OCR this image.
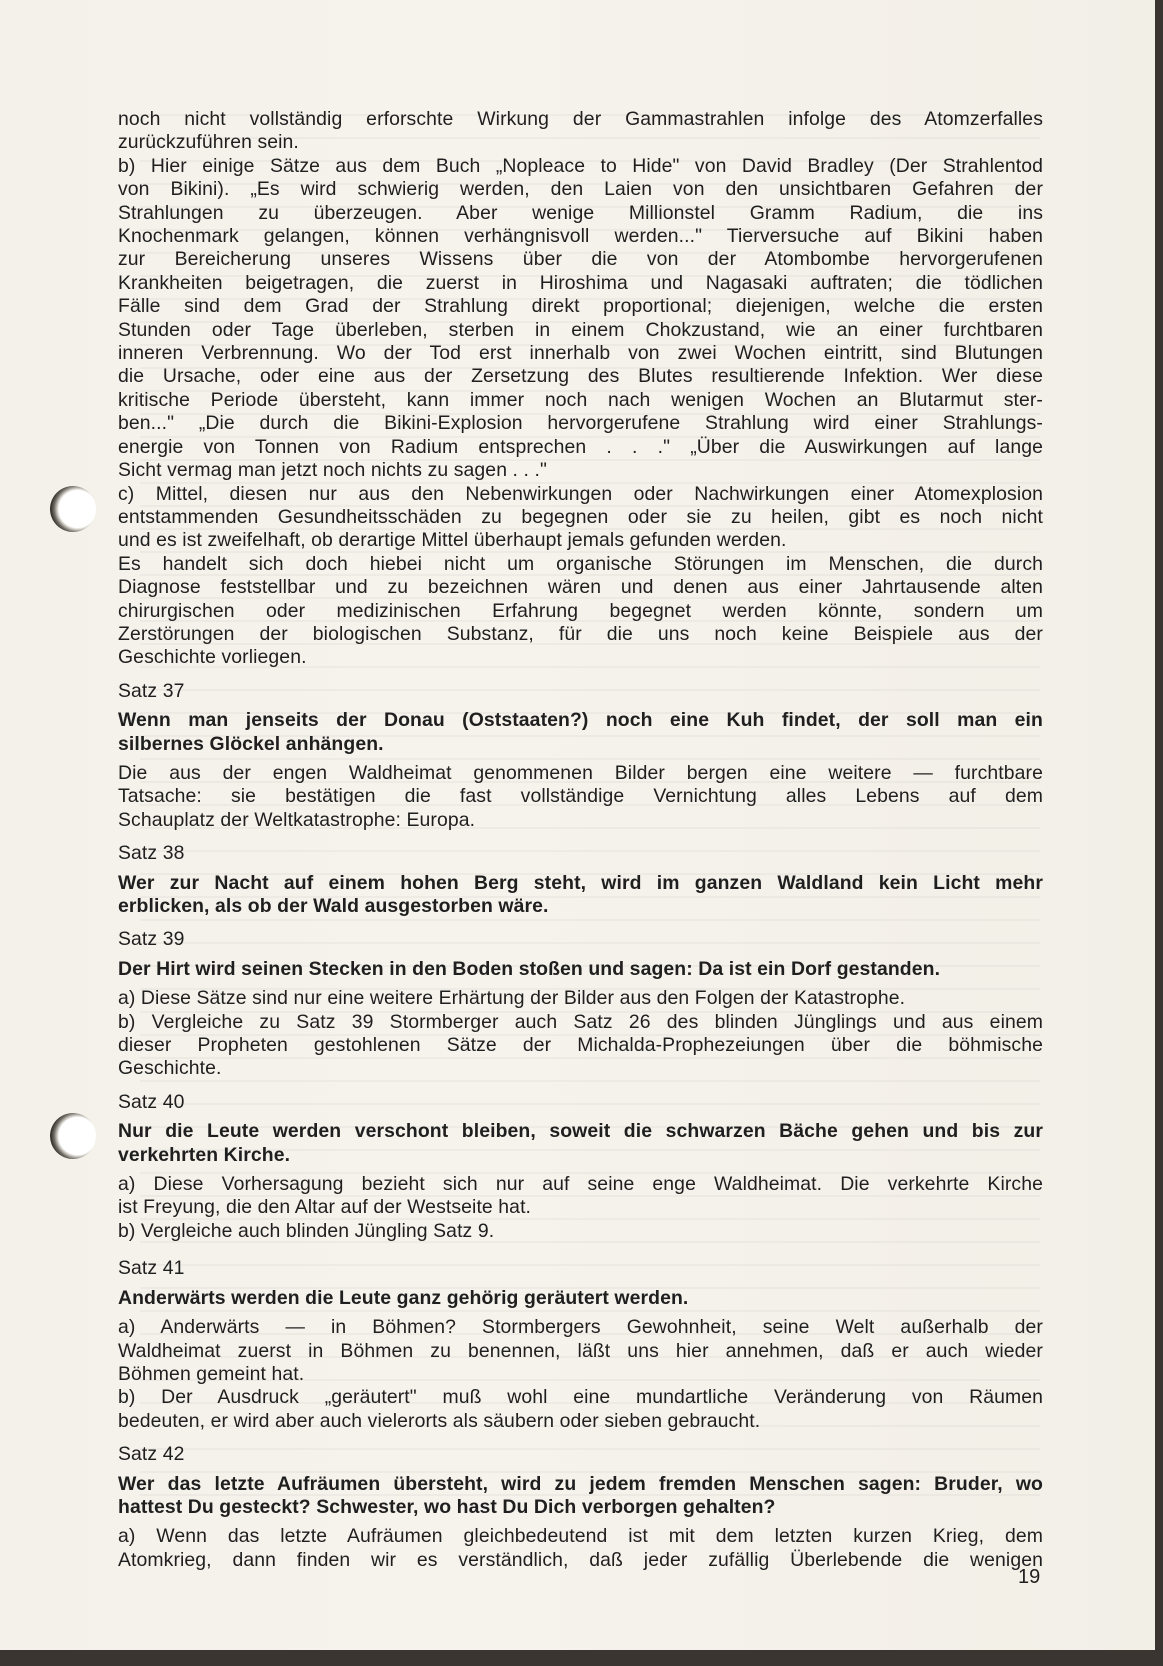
noch nicht vollständig erforschte Wirkung der Gammastrahlen infolge des Atomzerfalles
zurückzuführen sein.
b) Hier einige Sätze aus dem Buch „Nopleace to Hide" von David Bradley (Der Strahlentod
von Bikini). „Es wird schwierig werden, den Laien von den unsichtbaren Gefahren der
Strahlungen zu überzeugen. Aber wenige Millionstel Gramm Radium, die ins
Knochenmark gelangen, können verhängnisvoll werden..." Tierversuche auf Bikini haben
zur Bereicherung unseres Wissens über die von der Atombombe hervorgerufenen
Krankheiten beigetragen, die zuerst in Hiroshima und Nagasaki auftraten; die tödlichen
Fälle sind dem Grad der Strahlung direkt proportional; diejenigen, welche die ersten
Stunden oder Tage überleben, sterben in einem Chokzustand, wie an einer furchtbaren
inneren Verbrennung. Wo der Tod erst innerhalb von zwei Wochen eintritt, sind Blutungen
die Ursache, oder eine aus der Zersetzung des Blutes resultierende Infektion. Wer diese
kritische Periode übersteht, kann immer noch nach wenigen Wochen an Blutarmut ster-
ben..." „Die durch die Bikini-Explosion hervorgerufene Strahlung wird einer Strahlungs-
energie von Tonnen von Radium entsprechen . . ." „Über die Auswirkungen auf lange
Sicht vermag man jetzt noch nichts zu sagen . . ."
c) Mittel, diesen nur aus den Nebenwirkungen oder Nachwirkungen einer Atomexplosion
entstammenden Gesundheitsschäden zu begegnen oder sie zu heilen, gibt es noch nicht
und es ist zweifelhaft, ob derartige Mittel überhaupt jemals gefunden werden.
Es handelt sich doch hiebei nicht um organische Störungen im Menschen, die durch
Diagnose feststellbar und zu bezeichnen wären und denen aus einer Jahrtausende alten
chirurgischen oder medizinischen Erfahrung begegnet werden könnte, sondern um
Zerstörungen der biologischen Substanz, für die uns noch keine Beispiele aus der
Geschichte vorliegen.

Satz 37

Wenn man jenseits der Donau (Oststaaten?) noch eine Kuh findet, der soll man ein
silbernes Glöckel anhängen.
Die aus der engen Waldheimat genommenen Bilder bergen eine weitere — furchtbare
Tatsache: sie bestätigen die fast vollständige Vernichtung alles Lebens auf dem
Schauplatz der Weltkatastrophe: Europa.

Satz 38

Wer zur Nacht auf einem hohen Berg steht, wird im ganzen Waldland kein Licht mehr
erblicken, als ob der Wald ausgestorben wäre.

Satz 39

Der Hirt wird seinen Stecken in den Boden stoßen und sagen: Da ist ein Dorf gestanden.
a) Diese Sätze sind nur eine weitere Erhärtung der Bilder aus den Folgen der Katastrophe.
b) Vergleiche zu Satz 39 Stormberger auch Satz 26 des blinden Jünglings und aus einem
dieser Propheten gestohlenen Sätze der Michalda-Prophezeiungen über die böhmische
Geschichte.

Satz 40

Nur die Leute werden verschont bleiben, soweit die schwarzen Bäche gehen und bis zur
verkehrten Kirche.
a) Diese Vorhersagung bezieht sich nur auf seine enge Waldheimat. Die verkehrte Kirche
ist Freyung, die den Altar auf der Westseite hat.
b) Vergleiche auch blinden Jüngling Satz 9.

Satz 41

Anderwärts werden die Leute ganz gehörig geräutert werden.
a) Anderwärts — in Böhmen? Stormbergers Gewohnheit, seine Welt außerhalb der
Waldheimat zuerst in Böhmen zu benennen, läßt uns hier annehmen, daß er auch wieder
Böhmen gemeint hat.
b) Der Ausdruck „geräutert" muß wohl eine mundartliche Veränderung von Räumen
bedeuten, er wird aber auch vielerorts als säubern oder sieben gebraucht.

Satz 42

Wer das letzte Aufräumen übersteht, wird zu jedem fremden Menschen sagen: Bruder, wo
hattest Du gesteckt? Schwester, wo hast Du Dich verborgen gehalten?
a) Wenn das letzte Aufräumen gleichbedeutend ist mit dem letzten kurzen Krieg, dem
Atomkrieg, dann finden wir es verständlich, daß jeder zufällig Überlebende die wenigen
19
